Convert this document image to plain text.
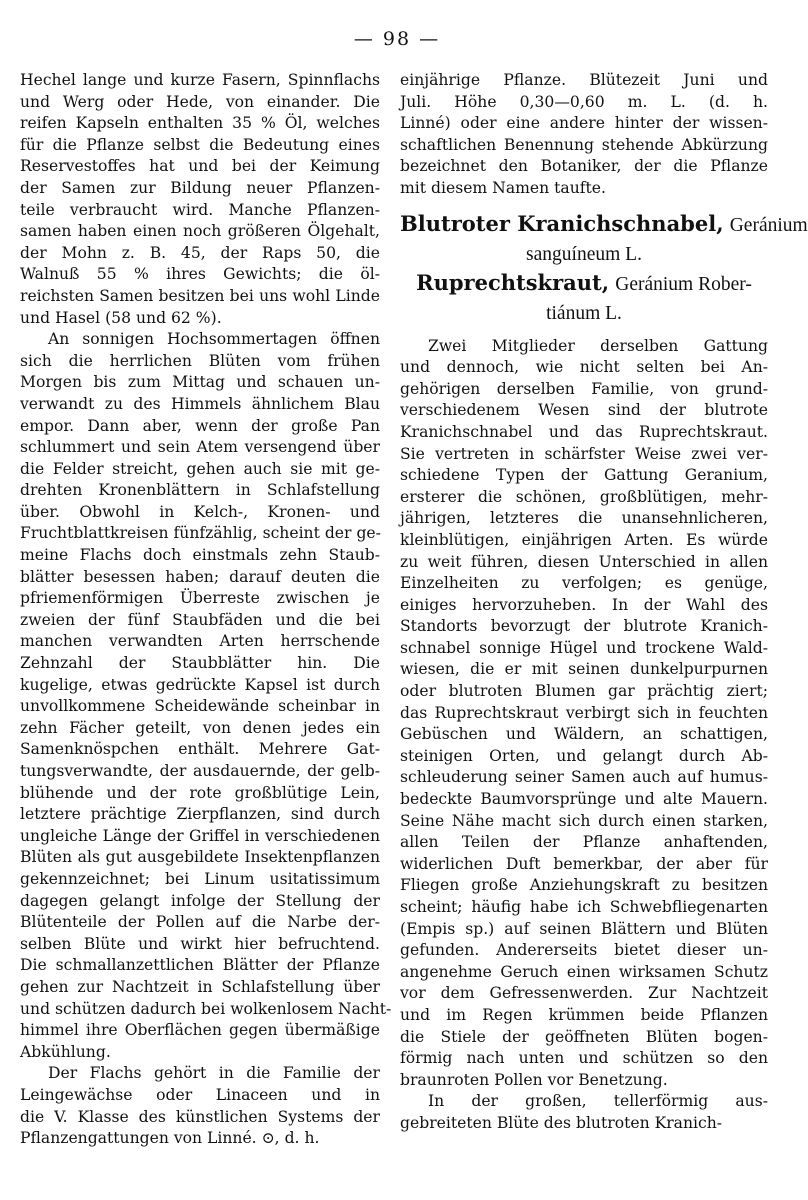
— 98 —
Hechel lange und kurze Fasern, Spinnflachs
und Werg oder Hede, von einander. Die
reifen Kapseln enthalten 35 % Öl, welches
für die Pflanze selbst die Bedeutung eines
Reservestoffes hat und bei der Keimung
der Samen zur Bildung neuer Pflanzen-
teile verbraucht wird. Manche Pflanzen-
samen haben einen noch größeren Ölgehalt,
der Mohn z. B. 45, der Raps 50, die
Walnuß 55 % ihres Gewichts; die öl-
reichsten Samen besitzen bei uns wohl Linde
und Hasel (58 und 62 %).
An sonnigen Hochsommertagen öffnen
sich die herrlichen Blüten vom frühen
Morgen bis zum Mittag und schauen un-
verwandt zu des Himmels ähnlichem Blau
empor. Dann aber, wenn der große Pan
schlummert und sein Atem versengend über
die Felder streicht, gehen auch sie mit ge-
drehten Kronenblättern in Schlafstellung
über. Obwohl in Kelch-, Kronen- und
Fruchtblattkreisen fünfzählig, scheint der ge-
meine Flachs doch einstmals zehn Staub-
blätter besessen haben; darauf deuten die
pfriemenförmigen Überreste zwischen je
zweien der fünf Staubfäden und die bei
manchen verwandten Arten herrschende
Zehnzahl der Staubblätter hin. Die
kugelige, etwas gedrückte Kapsel ist durch
unvollkommene Scheidewände scheinbar in
zehn Fächer geteilt, von denen jedes ein
Samenknöspchen enthält. Mehrere Gat-
tungsverwandte, der ausdauernde, der gelb-
blühende und der rote großblütige Lein,
letztere prächtige Zierpflanzen, sind durch
ungleiche Länge der Griffel in verschiedenen
Blüten als gut ausgebildete Insektenpflanzen
gekennzeichnet; bei Linum usitatissimum
dagegen gelangt infolge der Stellung der
Blütenteile der Pollen auf die Narbe der-
selben Blüte und wirkt hier befruchtend.
Die schmallanzettlichen Blätter der Pflanze
gehen zur Nachtzeit in Schlafstellung über
und schützen dadurch bei wolkenlosem Nacht-
himmel ihre Oberflächen gegen übermäßige
Abkühlung.
Der Flachs gehört in die Familie der
Leingewächse oder Linaceen und in
die V. Klasse des künstlichen Systems der
Pflanzengattungen von Linné. ⊙, d. h.
einjährige Pflanze. Blütezeit Juni und
Juli. Höhe 0,30—0,60 m. L. (d. h.
Linné) oder eine andere hinter der wissen-
schaftlichen Benennung stehende Abkürzung
bezeichnet den Botaniker, der die Pflanze
mit diesem Namen taufte.
Blutroter Kranichschnabel, Geránium
sanguíneum L.
Ruprechtskraut, Geránium Rober-
tiánum L.
Zwei Mitglieder derselben Gattung
und dennoch, wie nicht selten bei An-
gehörigen derselben Familie, von grund-
verschiedenem Wesen sind der blutrote
Kranichschnabel und das Ruprechtskraut.
Sie vertreten in schärfster Weise zwei ver-
schiedene Typen der Gattung Geranium,
ersterer die schönen, großblütigen, mehr-
jährigen, letzteres die unansehnlicheren,
kleinblütigen, einjährigen Arten. Es würde
zu weit führen, diesen Unterschied in allen
Einzelheiten zu verfolgen; es genüge,
einiges hervorzuheben. In der Wahl des
Standorts bevorzugt der blutrote Kranich-
schnabel sonnige Hügel und trockene Wald-
wiesen, die er mit seinen dunkelpurpurnen
oder blutroten Blumen gar prächtig ziert;
das Ruprechtskraut verbirgt sich in feuchten
Gebüschen und Wäldern, an schattigen,
steinigen Orten, und gelangt durch Ab-
schleuderung seiner Samen auch auf humus-
bedeckte Baumvorsprünge und alte Mauern.
Seine Nähe macht sich durch einen starken,
allen Teilen der Pflanze anhaftenden,
widerlichen Duft bemerkbar, der aber für
Fliegen große Anziehungskraft zu besitzen
scheint; häufig habe ich Schwebfliegenarten
(Empis sp.) auf seinen Blättern und Blüten
gefunden. Andererseits bietet dieser un-
angenehme Geruch einen wirksamen Schutz
vor dem Gefressenwerden. Zur Nachtzeit
und im Regen krümmen beide Pflanzen
die Stiele der geöffneten Blüten bogen-
förmig nach unten und schützen so den
braunroten Pollen vor Benetzung.
In der großen, tellerförmig aus-
gebreiteten Blüte des blutroten Kranich-
